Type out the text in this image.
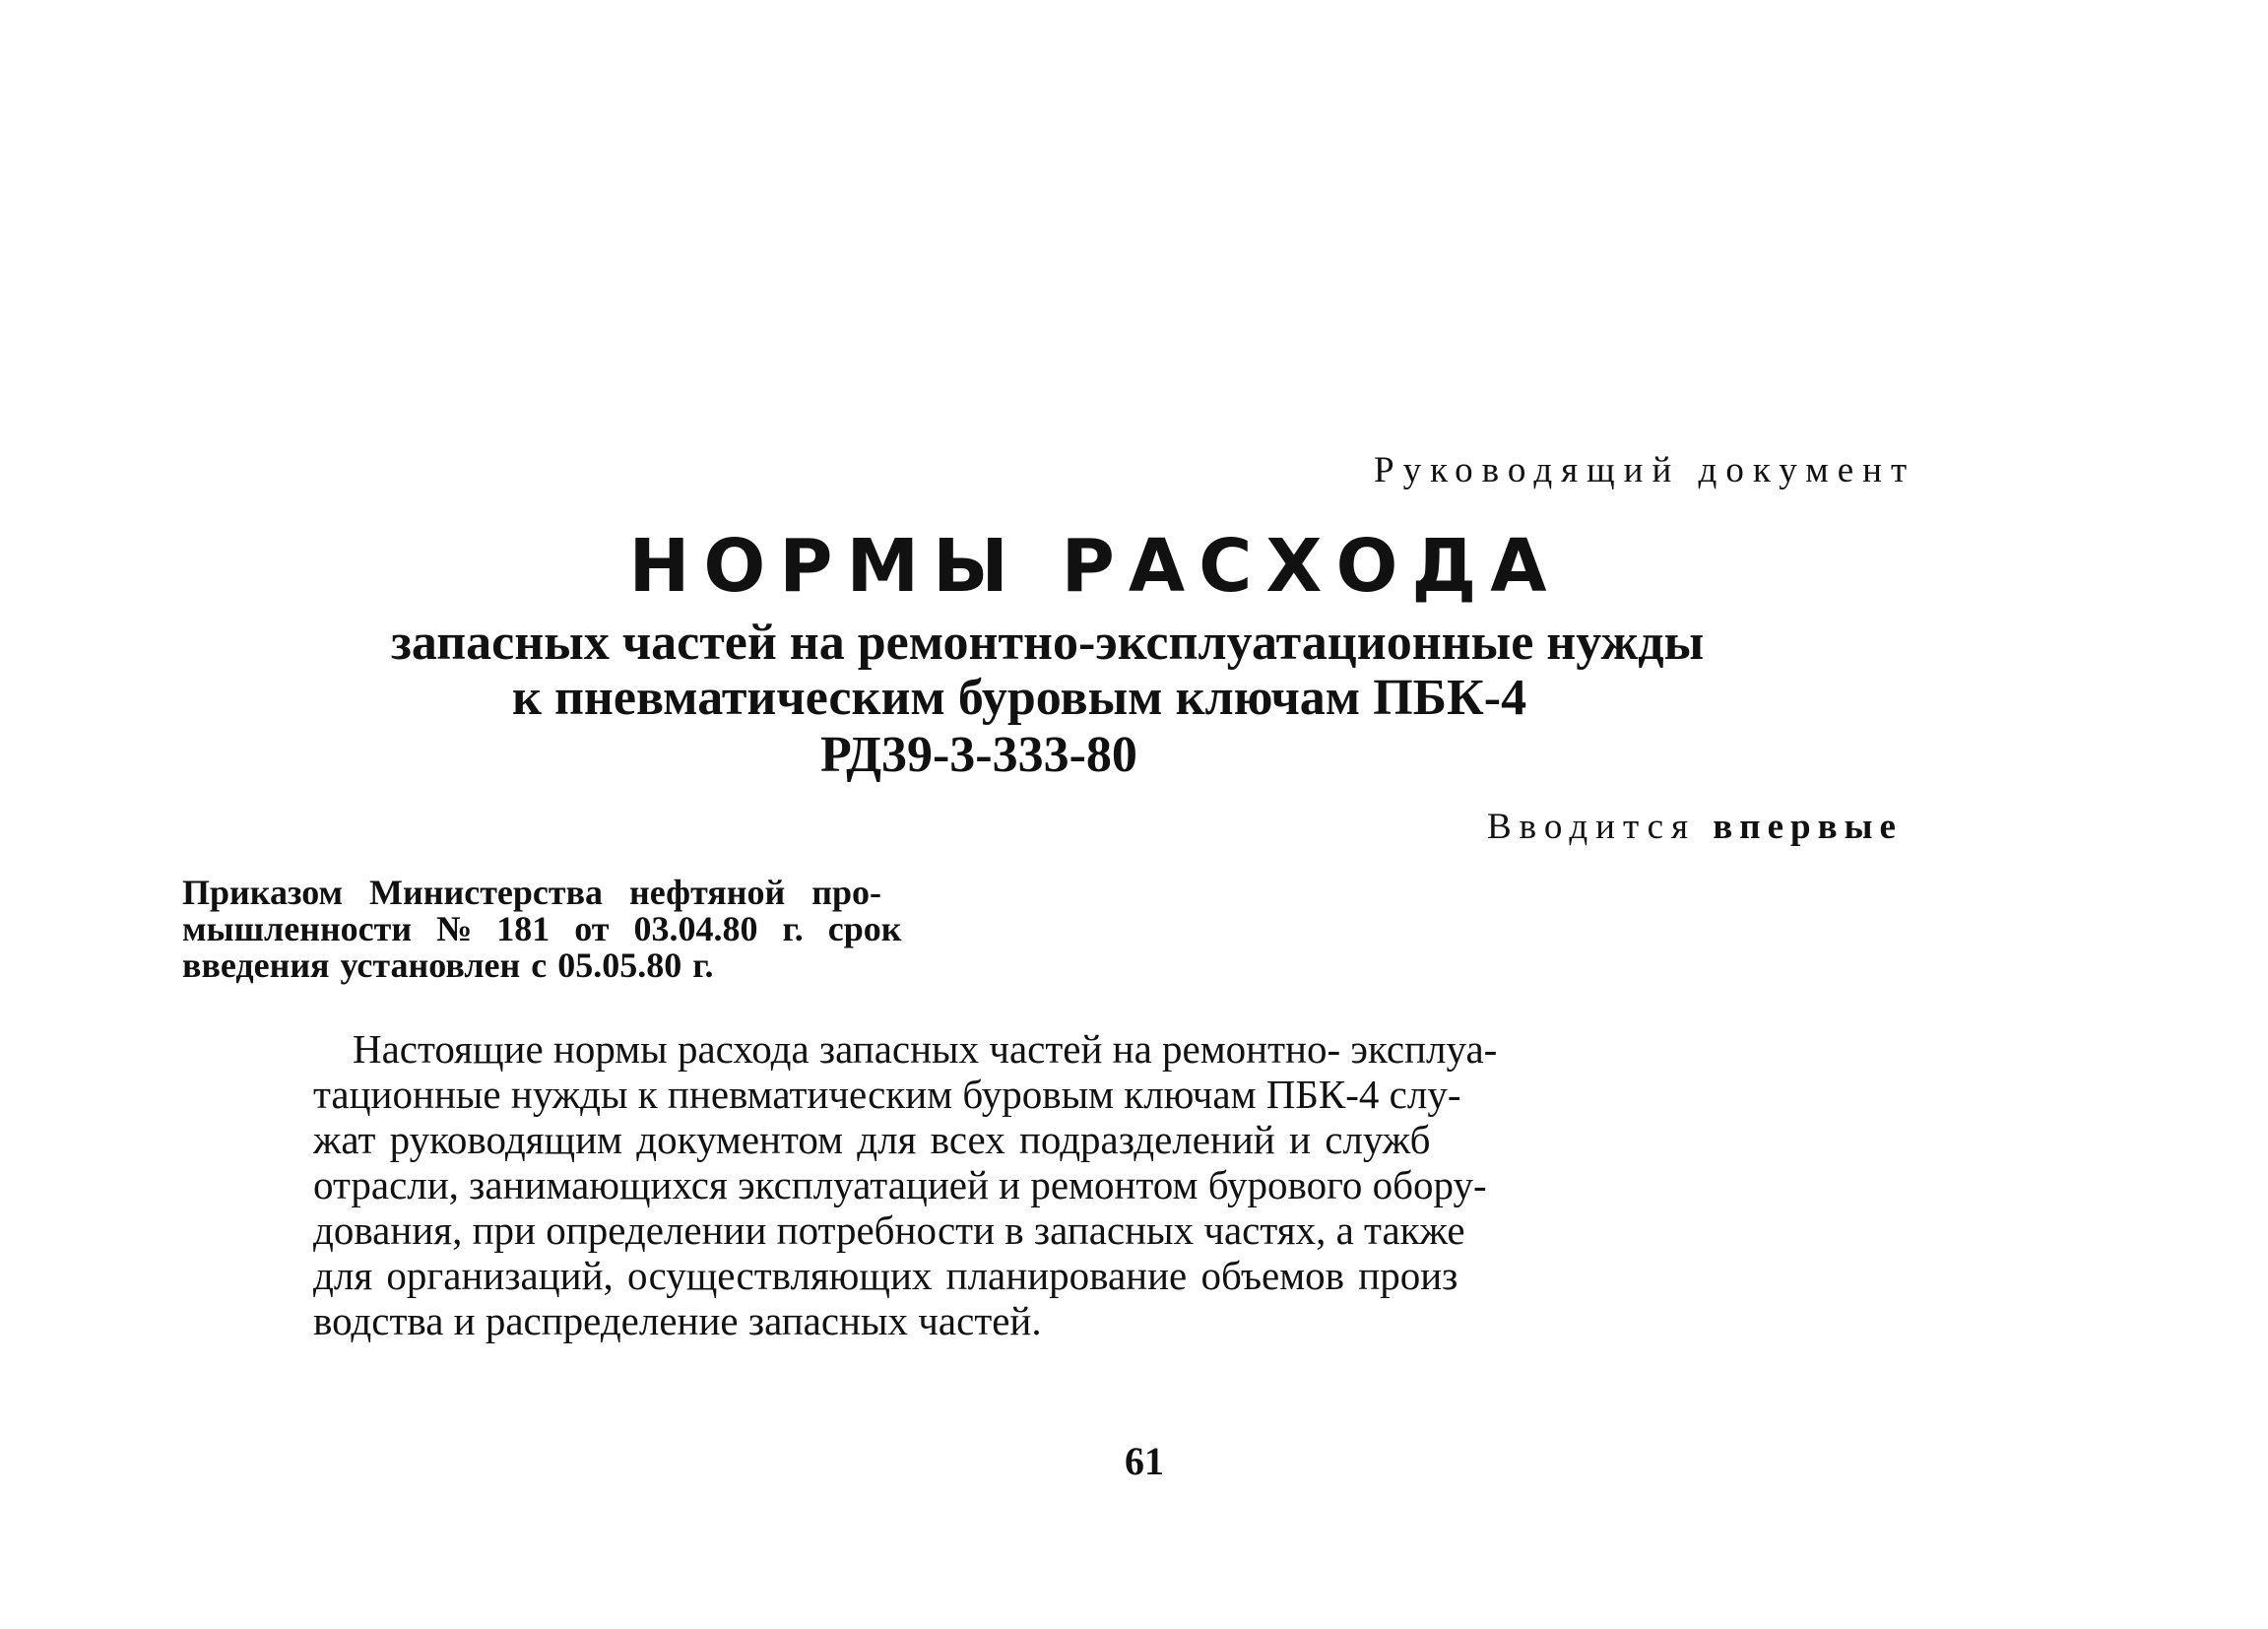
Руководящий документ
НОРМЫ РАСХОДА
запасных частей на ремонтно-эксплуатационные нужды
к пневматическим буровым ключам ПБК-4
РД39-3-333-80
Вводится впервые
Приказом Министерства нефтяной про-
мышленности № 181 от 03.04.80 г. срок
введения установлен с 05.05.80 г.
Настоящие нормы расхода запасных частей на ремонтно- эксплуа-
тационные нужды к пневматическим буровым ключам ПБК-4 слу-
жат руководящим документом для всех подразделений и служб
отрасли, занимающихся эксплуатацией и ремонтом бурового обору-
дования, при определении потребности в запасных частях, а также
для организаций, осуществляющих планирование объемов произ
водства и распределение запасных частей.
61
